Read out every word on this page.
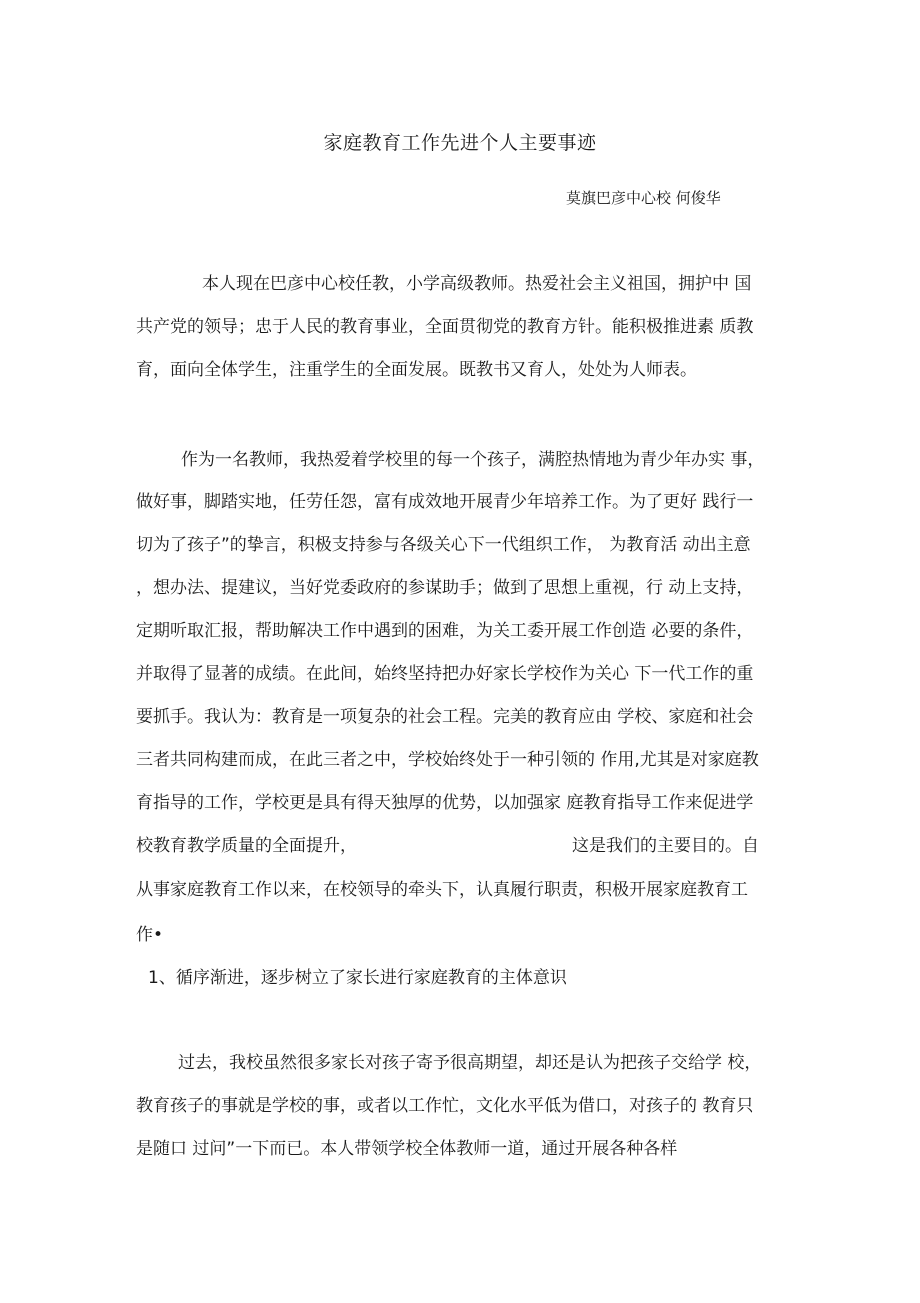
家庭教育工作先进个人主要事迹
莫旗巴彦中心校 何俊华
本人现在巴彦中心校任教，小学高级教师。热爱社会主义祖国，拥护中 国
共产党的领导；忠于人民的教育事业，全面贯彻党的教育方针。能积极推进素 质教
育，面向全体学生，注重学生的全面发展。既教书又育人，处处为人师表。
作为一名教师，我热爱着学校里的每一个孩子，满腔热情地为青少年办实 事，
做好事，脚踏实地，任劳任怨，富有成效地开展青少年培养工作。为了更好 践行一
切为了孩子”的挚言，积极支持参与各级关心下一代组织工作， 为教育活 动出主意
，想办法、提建议，当好党委政府的参谋助手；做到了思想上重视，行 动上支持，
定期听取汇报，帮助解决工作中遇到的困难，为关工委开展工作创造 必要的条件，
并取得了显著的成绩。在此间，始终坚持把办好家长学校作为关心 下一代工作的重
要抓手。我认为：教育是一项复杂的社会工程。完美的教育应由 学校、家庭和社会
三者共同构建而成，在此三者之中，学校始终处于一种引领的 作用,尤其是对家庭教
育指导的工作，学校更是具有得天独厚的优势，以加强家 庭教育指导工作来促进学
校教育教学质量的全面提升，	这是我们的主要目的。自
从事家庭教育工作以来，在校领导的牵头下，认真履行职责，积极开展家庭教育工
作•
1、循序渐进，逐步树立了家长进行家庭教育的主体意识
过去，我校虽然很多家长对孩子寄予很高期望，却还是认为把孩子交给学 校，
教育孩子的事就是学校的事，或者以工作忙，文化水平低为借口，对孩子的 教育只
是随口 过问”一下而已。本人带领学校全体教师一道，通过开展各种各样
